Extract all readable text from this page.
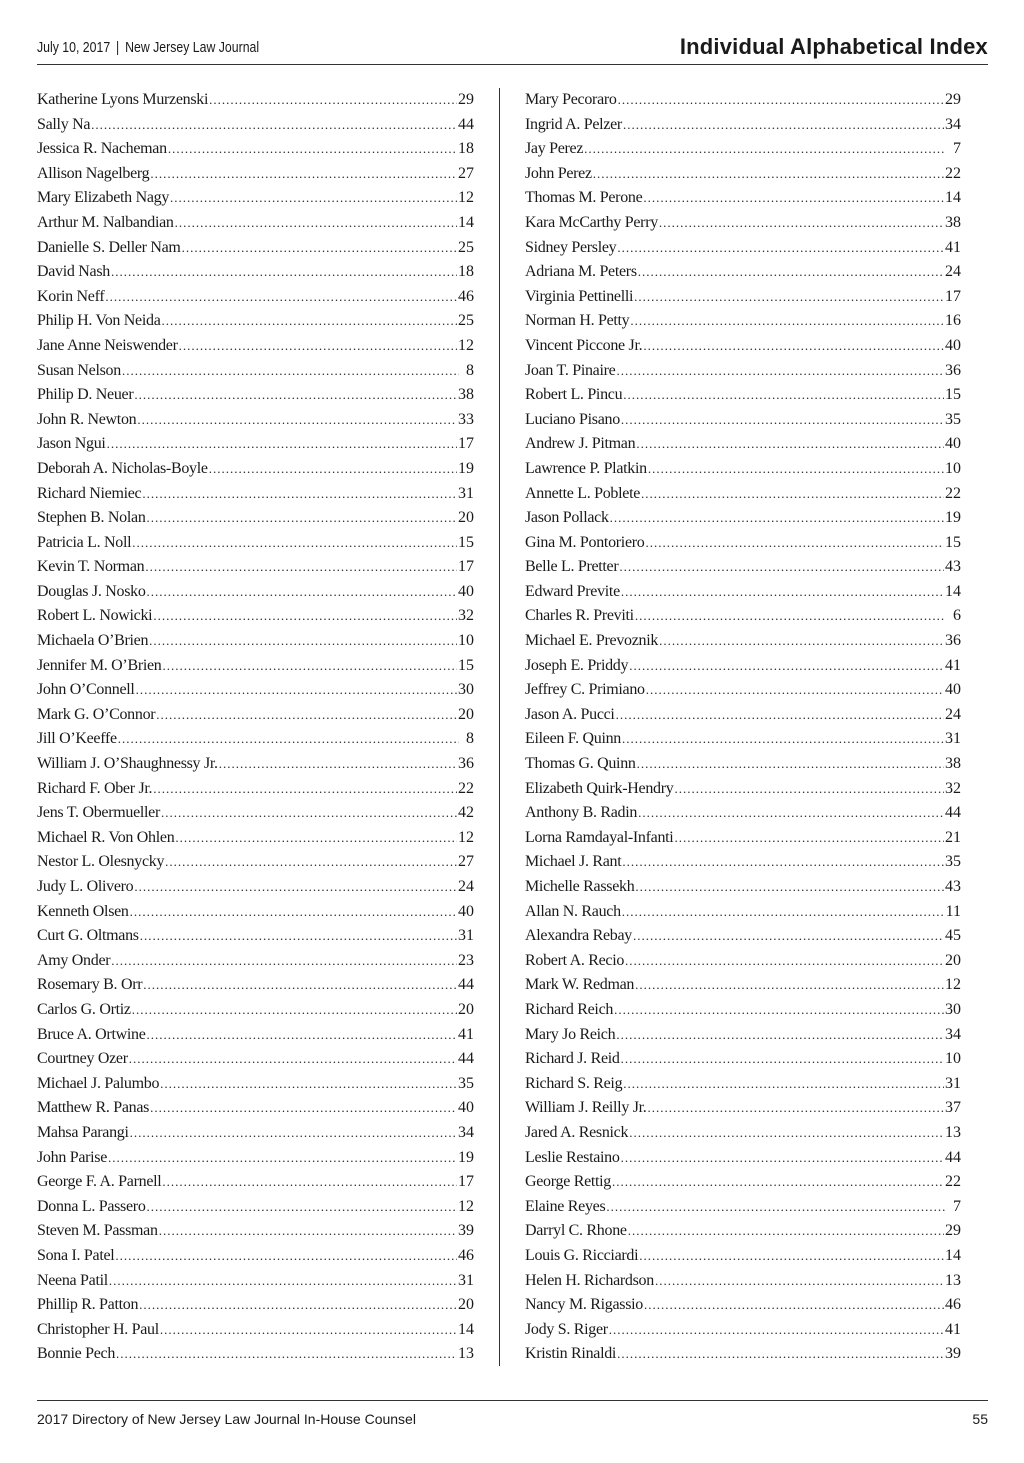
July 10, 2017 | New Jersey Law Journal	Individual Alphabetical Index
Katherine Lyons Murzenski .....	29
Sally Na .....	44
Jessica R. Nacheman .....	18
Allison Nagelberg .....	27
Mary Elizabeth Nagy .....	12
Arthur M. Nalbandian .....	14
Danielle S. Deller Nam .....	25
David Nash .....	18
Korin Neff .....	46
Philip H. Von Neida .....	25
Jane Anne Neiswender .....	12
Susan Nelson .....	8
Philip D. Neuer .....	38
John R. Newton .....	33
Jason Ngui .....	17
Deborah A. Nicholas-Boyle .....	19
Richard Niemiec .....	31
Stephen B. Nolan .....	20
Patricia L. Noll .....	15
Kevin T. Norman .....	17
Douglas J. Nosko .....	40
Robert L. Nowicki .....	32
Michaela O’Brien .....	10
Jennifer M. O’Brien .....	15
John O’Connell .....	30
Mark G. O’Connor .....	20
Jill O’Keeffe .....	8
William J. O’Shaughnessy Jr. .....	36
Richard F. Ober Jr. .....	22
Jens T. Obermueller .....	42
Michael R. Von Ohlen .....	12
Nestor L. Olesnycky .....	27
Judy L. Olivero .....	24
Kenneth Olsen .....	40
Curt G. Oltmans .....	31
Amy Onder .....	23
Rosemary B. Orr .....	44
Carlos G. Ortiz .....	20
Bruce A. Ortwine .....	41
Courtney Ozer .....	44
Michael J. Palumbo .....	35
Matthew R. Panas .....	40
Mahsa Parangi .....	34
John Parise .....	19
George F. A. Parnell .....	17
Donna L. Passero .....	12
Steven M. Passman .....	39
Sona I. Patel .....	46
Neena Patil .....	31
Phillip R. Patton .....	20
Christopher H. Paul .....	14
Bonnie Pech .....	13
Mary Pecoraro .....	29
Ingrid A. Pelzer .....	34
Jay Perez .....	7
John Perez .....	22
Thomas M. Perone .....	14
Kara McCarthy Perry .....	38
Sidney Persley .....	41
Adriana M. Peters .....	24
Virginia Pettinelli .....	17
Norman H. Petty .....	16
Vincent Piccone Jr. .....	40
Joan T. Pinaire .....	36
Robert L. Pincu .....	15
Luciano Pisano .....	35
Andrew J. Pitman .....	40
Lawrence P. Platkin .....	10
Annette L. Poblete .....	22
Jason Pollack .....	19
Gina M. Pontoriero .....	15
Belle L. Pretter .....	43
Edward Previte .....	14
Charles R. Previti .....	6
Michael E. Prevoznik .....	36
Joseph E. Priddy .....	41
Jeffrey C. Primiano .....	40
Jason A. Pucci .....	24
Eileen F. Quinn .....	31
Thomas G. Quinn .....	38
Elizabeth Quirk-Hendry .....	32
Anthony B. Radin .....	44
Lorna Ramdayal-Infanti .....	21
Michael J. Rant .....	35
Michelle Rassekh .....	43
Allan N. Rauch .....	11
Alexandra Rebay .....	45
Robert A. Recio .....	20
Mark W. Redman .....	12
Richard Reich .....	30
Mary Jo Reich .....	34
Richard J. Reid .....	10
Richard S. Reig .....	31
William J. Reilly Jr. .....	37
Jared A. Resnick .....	13
Leslie Restaino .....	44
George Rettig .....	22
Elaine Reyes .....	7
Darryl C. Rhone .....	29
Louis G. Ricciardi .....	14
Helen H. Richardson .....	13
Nancy M. Rigassio .....	46
Jody S. Riger .....	41
Kristin Rinaldi .....	39
2017 Directory of New Jersey Law Journal In-House Counsel	55
